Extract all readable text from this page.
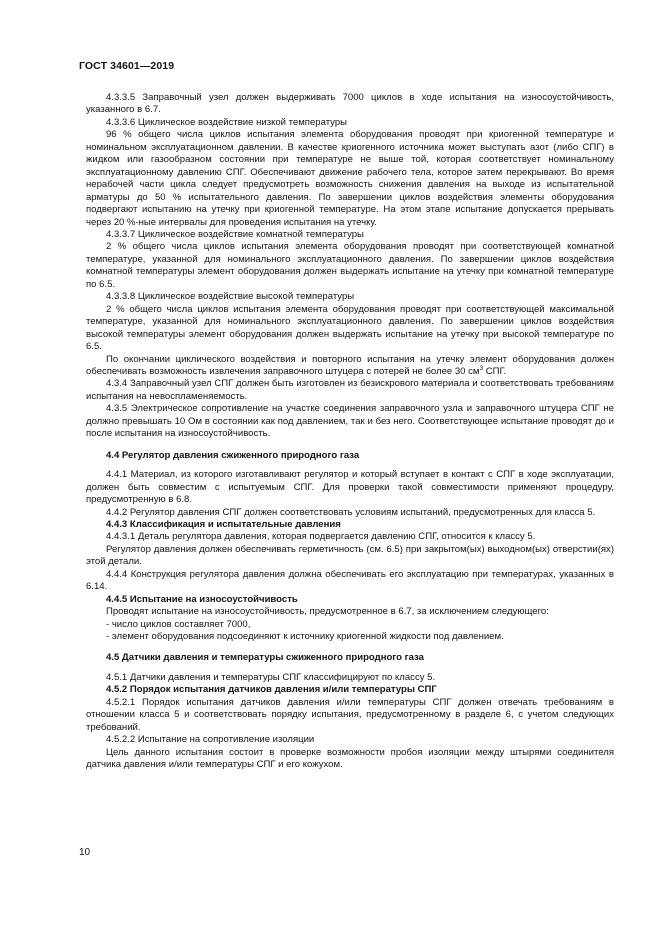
ГОСТ 34601—2019

4.3.3.5 Заправочный узел должен выдерживать 7000 циклов в ходе испытания на износоустойчивость, указанного в 6.7.

4.3.3.6 Циклическое воздействие низкой температуры

96 % общего числа циклов испытания элемента оборудования проводят при криогенной температуре и номинальном эксплуатационном давлении. В качестве криогенного источника может выступать азот (либо СПГ) в жидком или газообразном состоянии при температуре не выше той, которая соответствует номинальному эксплуатационному давлению СПГ. Обеспечивают движение рабочего тела, которое затем перекрывают. Во время нерабочей части цикла следует предусмотреть возможность снижения давления на выходе из испытательной арматуры до 50 % испытательного давления. По завершении циклов воздействия элементы оборудования подвергают испытанию на утечку при криогенной температуре. На этом этапе испытание допускается прерывать через 20 %-ные интервалы для проведения испытания на утечку.

4.3.3.7 Циклическое воздействие комнатной температуры

2 % общего числа циклов испытания элемента оборудования проводят при соответствующей комнатной температуре, указанной для номинального эксплуатационного давления. По завершении циклов воздействия комнатной температуры элемент оборудования должен выдержать испытание на утечку при комнатной температуре по 6.5.

4.3.3.8 Циклическое воздействие высокой температуры

2 % общего числа циклов испытания элемента оборудования проводят при соответствующей максимальной температуре, указанной для номинального эксплуатационного давления. По завершении циклов воздействия высокой температуры элемент оборудования должен выдержать испытание на утечку при высокой температуре по 6.5.

По окончании циклического воздействия и повторного испытания на утечку элемент оборудования должен обеспечивать возможность извлечения заправочного штуцера с потерей не более 30 $см^3$ СПГ.

4.3.4 Заправочный узел СПГ должен быть изготовлен из безискрового материала и соответствовать требованиям испытания на невоспламеняемость.

4.3.5 Электрическое сопротивление на участке соединения заправочного узла и заправочного штуцера СПГ не должно превышать 10 Ом в состоянии как под давлением, так и без него. Соответствующее испытание проводят до и после испытания на износоустойчивость.

4.4 Регулятор давления сжиженного природного газа

4.4.1 Материал, из которого изготавливают регулятор и который вступает в контакт с СПГ в ходе эксплуатации, должен быть совместим с испытуемым СПГ. Для проверки такой совместимости применяют процедуру, предусмотренную в 6.8.

4.4.2 Регулятор давления СПГ должен соответствовать условиям испытаний, предусмотренных для класса 5.

4.4.3 Классификация и испытательные давления

4.4.3.1 Деталь регулятора давления, которая подвергается давлению СПГ, относится к классу 5.

Регулятор давления должен обеспечивать герметичность (см. 6.5) при закрытом(ых) выходном(ых) отверстии(ях) этой детали.

4.4.4 Конструкция регулятора давления должна обеспечивать его эксплуатацию при температурах, указанных в 6.14.

4.4.5 Испытание на износоустойчивость

Проводят испытание на износоустойчивость, предусмотренное в 6.7, за исключением следующего:

- число циклов составляет 7000,

- элемент оборудования подсоединяют к источнику криогенной жидкости под давлением.

4.5 Датчики давления и температуры сжиженного природного газа

4.5.1 Датчики давления и температуры СПГ классифицируют по классу 5.

4.5.2 Порядок испытания датчиков давления и/или температуры СПГ

4.5.2.1 Порядок испытания датчиков давления и/или температуры СПГ должен отвечать требованиям в отношении класса 5 и соответствовать порядку испытания, предусмотренному в разделе 6, с учетом следующих требований.

4.5.2.2 Испытание на сопротивление изоляции

Цель данного испытания состоит в проверке возможности пробоя изоляции между штырями соединителя датчика давления и/или температуры СПГ и его кожухом.

10
